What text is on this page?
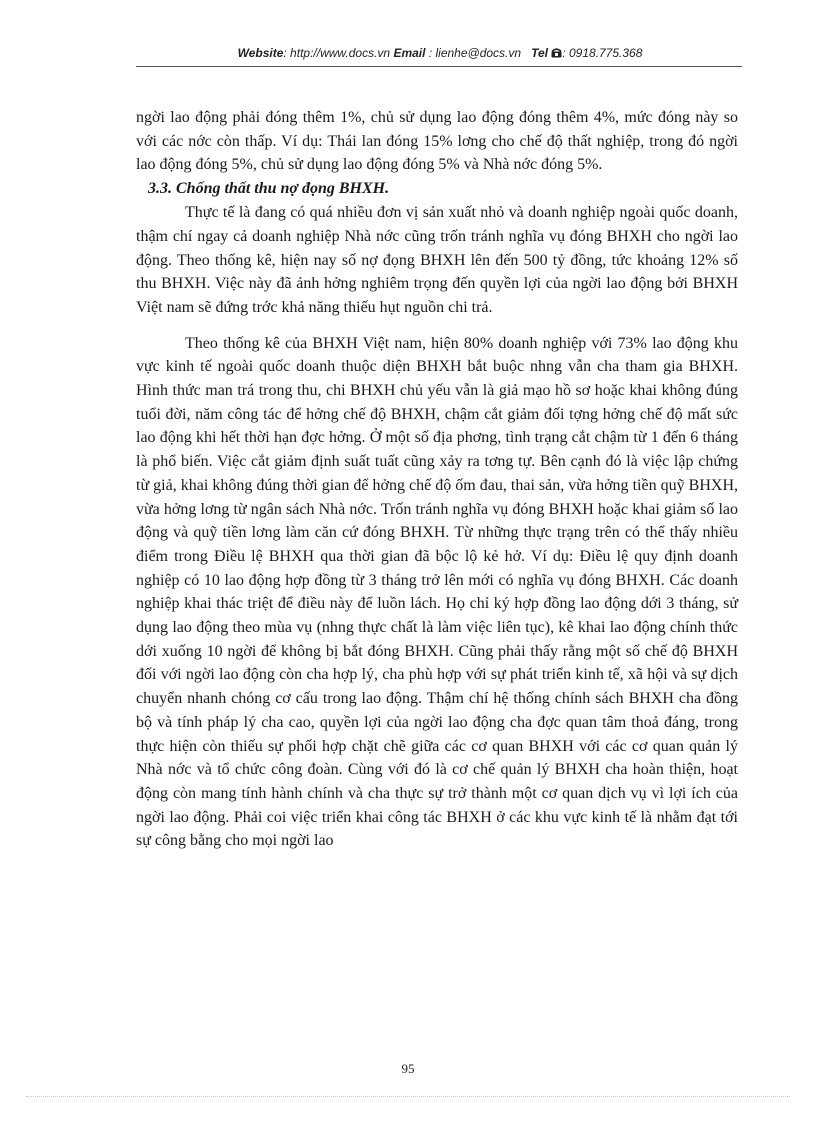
Website: http://www.docs.vn Email : lienhe@docs.vn Tel : 0918.775.368

ngời lao động phải đóng thêm 1%, chủ sử dụng lao động đóng thêm 4%, mức đóng này so với các nớc còn thấp. Ví dụ: Thái lan đóng 15% lơng cho chế độ thất nghiệp, trong đó ngời lao động đóng 5%, chủ sử dụng lao động đóng 5% và Nhà nớc đóng 5%.

3.3. Chống thất thu nợ đọng BHXH.

Thực tế là đang có quá nhiều đơn vị sản xuất nhỏ và doanh nghiệp ngoài quốc doanh, thậm chí ngay cả doanh nghiệp Nhà nớc cũng trốn tránh nghĩa vụ đóng BHXH cho ngời lao động. Theo thống kê, hiện nay số nợ đọng BHXH lên đến 500 tỷ đồng, tức khoảng 12% số thu BHXH. Việc này đã ảnh hởng nghiêm trọng đến quyền lợi của ngời lao động bởi BHXH Việt nam sẽ đứng trớc khả năng thiếu hụt nguồn chi trả.

Theo thống kê của BHXH Việt nam, hiện 80% doanh nghiệp với 73% lao động khu vực kinh tế ngoài quốc doanh thuộc diện BHXH bắt buộc nhng vẫn cha tham gia BHXH. Hình thức man trá trong thu, chi BHXH chủ yếu vẫn là giả mạo hồ sơ hoặc khai không đúng tuổi đời, năm công tác để hởng chế độ BHXH, chậm cắt giảm đối tợng hởng chế độ mất sức lao động khi hết thời hạn đợc hởng. Ở một số địa phơng, tình trạng cắt chậm từ 1 đến 6 tháng là phổ biến. Việc cắt giảm định suất tuất cũng xảy ra tơng tự. Bên cạnh đó là việc lập chứng từ giả, khai không đúng thời gian để hởng chế độ ốm đau, thai sản, vừa hởng tiền quỹ BHXH, vừa hởng lơng từ ngân sách Nhà nớc. Trốn tránh nghĩa vụ đóng BHXH hoặc khai giảm số lao động và quỹ tiền lơng làm căn cứ đóng BHXH. Từ những thực trạng trên có thể thấy nhiều điểm trong Điều lệ BHXH qua thời gian đã bộc lộ kẻ hở. Ví dụ: Điều lệ quy định doanh nghiệp có 10 lao động hợp đồng từ 3 tháng trở lên mới có nghĩa vụ đóng BHXH. Các doanh nghiệp khai thác triệt để điều này để luồn lách. Họ chỉ ký hợp đồng lao động dới 3 tháng, sử dụng lao động theo mùa vụ (nhng thực chất là làm việc liên tục), kê khai lao động chính thức dới xuống 10 ngời để không bị bắt đóng BHXH. Cũng phải thấy rằng một số chế độ BHXH đối với ngời lao động còn cha hợp lý, cha phù hợp với sự phát triển kinh tế, xã hội và sự dịch chuyển nhanh chóng cơ cấu trong lao động. Thậm chí hệ thống chính sách BHXH cha đồng bộ và tính pháp lý cha cao, quyền lợi của ngời lao động cha đợc quan tâm thoả đáng, trong thực hiện còn thiếu sự phối hợp chặt chẽ giữa các cơ quan BHXH với các cơ quan quản lý Nhà nớc và tổ chức công đoàn. Cùng với đó là cơ chế quản lý BHXH cha hoàn thiện, hoạt động còn mang tính hành chính và cha thực sự trở thành một cơ quan dịch vụ vì lợi ích của ngời lao động. Phải coi việc triển khai công tác BHXH ở các khu vực kinh tế là nhằm đạt tới sự công bằng cho mọi ngời lao

95
